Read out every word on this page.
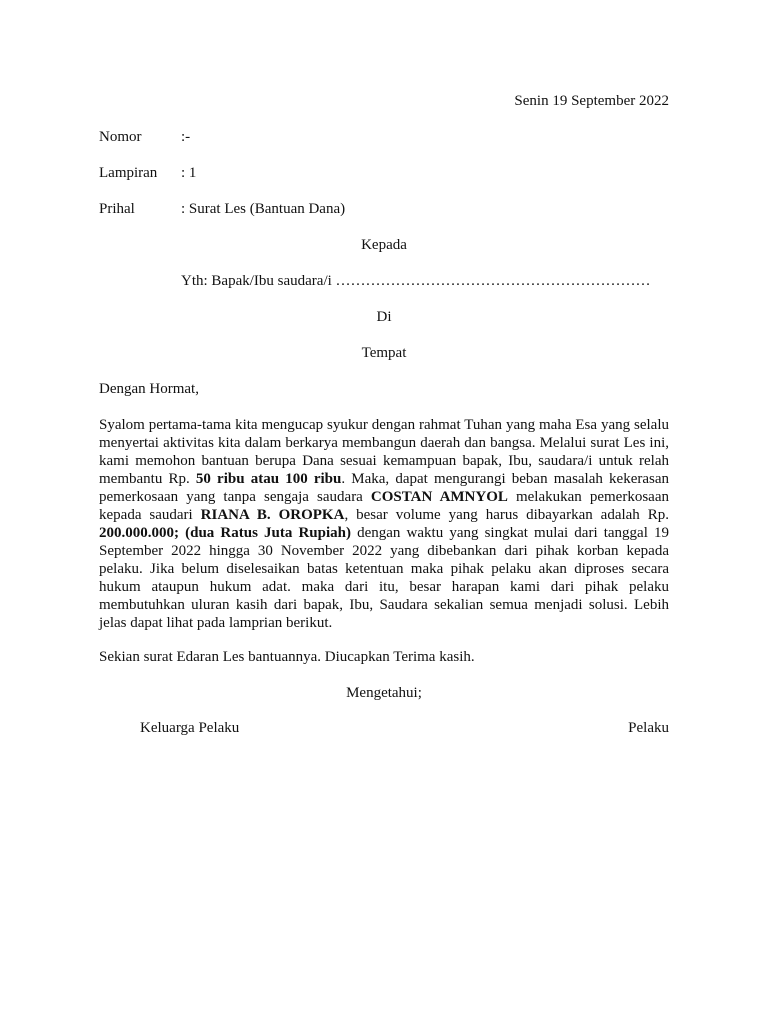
Senin 19 September 2022
Nomor	:-
Lampiran : 1
Prihal	: Surat Les (Bantuan Dana)
Kepada
Yth: Bapak/Ibu saudara/i ………………………………………………………
Di
Tempat
Dengan Hormat,

Syalom pertama-tama kita mengucap syukur dengan rahmat Tuhan yang maha Esa yang selalu menyertai aktivitas kita dalam berkarya membangun daerah dan bangsa. Melalui surat Les ini, kami memohon bantuan berupa Dana sesuai kemampuan bapak, Ibu, saudara/i untuk relah membantu Rp. 50 ribu atau 100 ribu. Maka, dapat mengurangi beban masalah kekerasan pemerkosaan yang tanpa sengaja saudara COSTAN AMNYOL melakukan pemerkosaan kepada saudari RIANA B. OROPKA, besar volume yang harus dibayarkan adalah Rp. 200.000.000; (dua Ratus Juta Rupiah) dengan waktu yang singkat mulai dari tanggal 19 September 2022 hingga 30 November 2022 yang dibebankan dari pihak korban kepada pelaku. Jika belum diselesaikan batas ketentuan maka pihak pelaku akan diproses secara hukum ataupun hukum adat. maka dari itu, besar harapan kami dari pihak pelaku membutuhkan uluran kasih dari bapak, Ibu, Saudara sekalian semua menjadi solusi. Lebih jelas dapat lihat pada lamprian berikut.

Sekian surat Edaran Les bantuannya. Diucapkan Terima kasih.
Mengetahui;
Keluarga Pelaku	Pelaku
